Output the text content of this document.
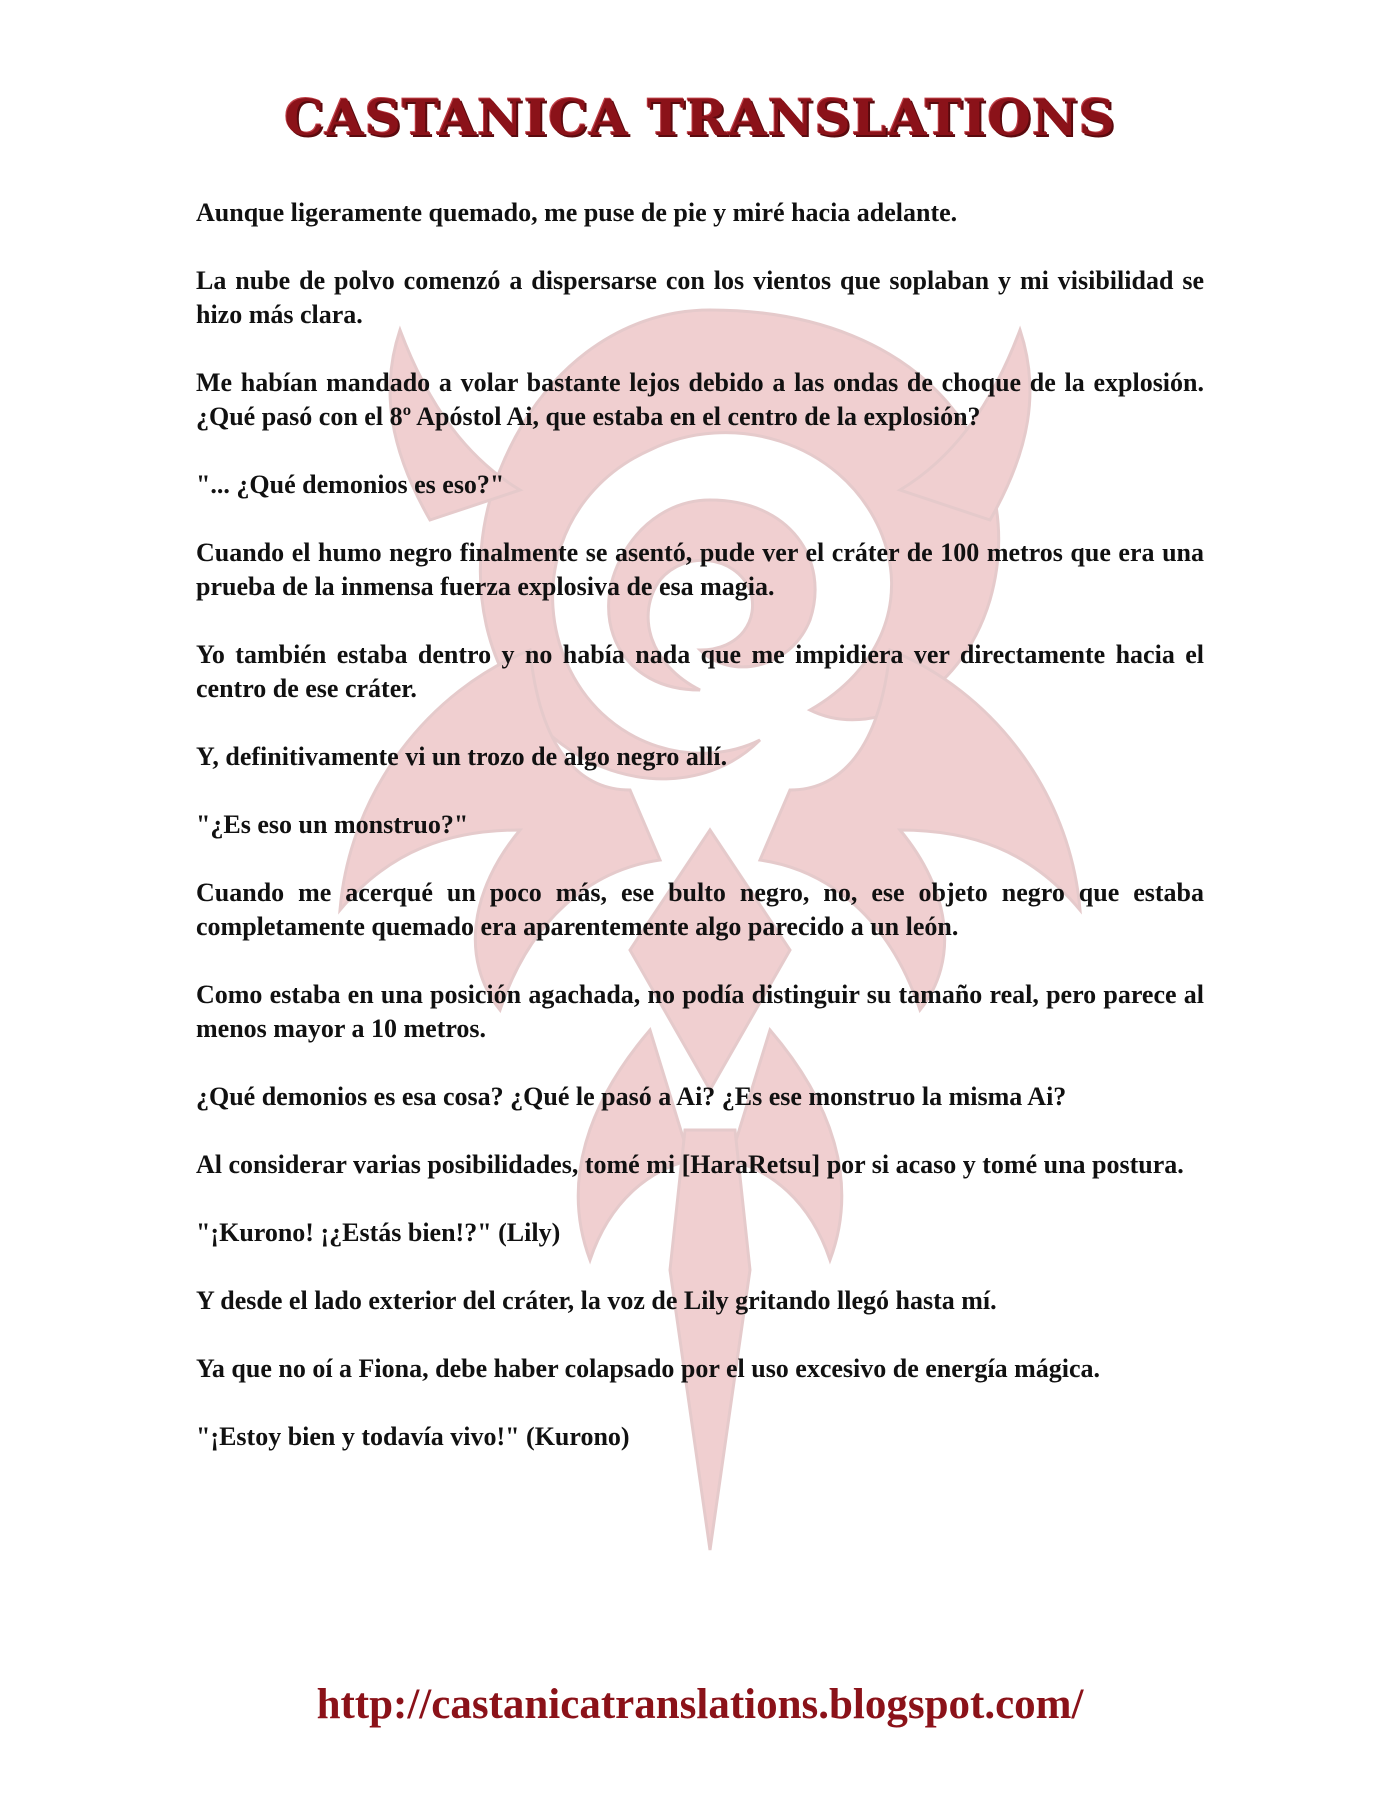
CASTANICA TRANSLATIONS

Aunque ligeramente quemado, me puse de pie y miré hacia adelante.

La nube de polvo comenzó a dispersarse con los vientos que soplaban y mi visibilidad se hizo más clara.

Me habían mandado a volar bastante lejos debido a las ondas de choque de la explosión. ¿Qué pasó con el 8º Apóstol Ai, que estaba en el centro de la explosión?

"... ¿Qué demonios es eso?"

Cuando el humo negro finalmente se asentó, pude ver el cráter de 100 metros que era una prueba de la inmensa fuerza explosiva de esa magia.

Yo también estaba dentro y no había nada que me impidiera ver directamente hacia el centro de ese cráter.

Y, definitivamente vi un trozo de algo negro allí.

"¿Es eso un monstruo?"

Cuando me acerqué un poco más, ese bulto negro, no, ese objeto negro que estaba completamente quemado era aparentemente algo parecido a un león.

Como estaba en una posición agachada, no podía distinguir su tamaño real, pero parece al menos mayor a 10 metros.

¿Qué demonios es esa cosa? ¿Qué le pasó a Ai? ¿Es ese monstruo la misma Ai?

Al considerar varias posibilidades, tomé mi [HaraRetsu] por si acaso y tomé una postura.

"¡Kurono! ¡¿Estás bien!?" (Lily)

Y desde el lado exterior del cráter, la voz de Lily gritando llegó hasta mí.

Ya que no oí a Fiona, debe haber colapsado por el uso excesivo de energía mágica.

"¡Estoy bien y todavía vivo!" (Kurono)

http://castanicatranslations.blogspot.com/
